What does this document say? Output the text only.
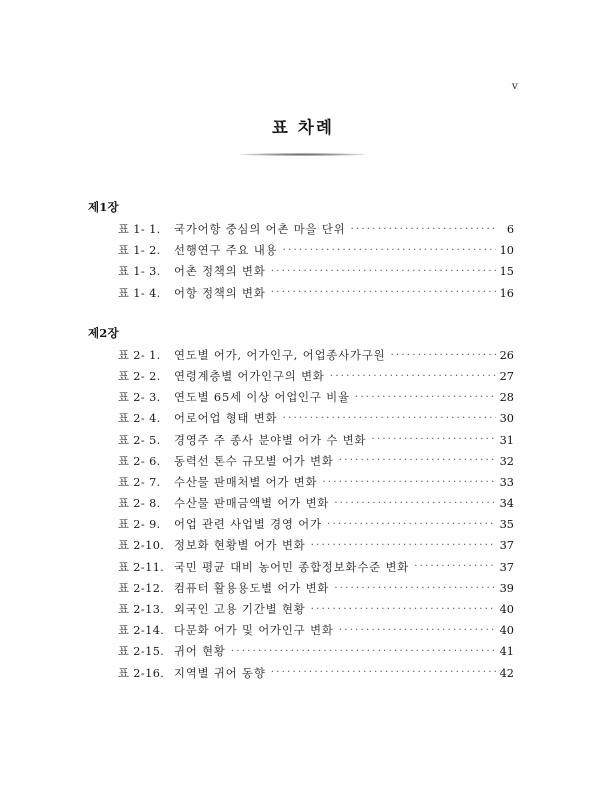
v
표 차례
제1장
표 1- 1.	국가어항 중심의 어촌 마을 단위 .....	6
표 1- 2.	선행연구 주요 내용 .....	10
표 1- 3.	어촌 정책의 변화 .....	15
표 1- 4.	어항 정책의 변화 .....	16
제2장
표 2- 1.	연도별 어가, 어가인구, 어업종사가구원 .....	26
표 2- 2.	연령계층별 어가인구의 변화 .....	27
표 2- 3.	연도별 65세 이상 어업인구 비율 .....	28
표 2- 4.	어로어업 형태 변화 .....	30
표 2- 5.	경영주 주 종사 분야별 어가 수 변화 .....	31
표 2- 6.	동력선 톤수 규모별 어가 변화 .....	32
표 2- 7.	수산물 판매처별 어가 변화 .....	33
표 2- 8.	수산물 판매금액별 어가 변화 .....	34
표 2- 9.	어업 관련 사업별 경영 어가 .....	35
표 2-10. 정보화 현황별 어가 변화 .....	37
표 2-11. 국민 평균 대비 농어민 종합정보화수준 변화 .....	37
표 2-12. 컴퓨터 활용용도별 어가 변화 .....	39
표 2-13. 외국인 고용 기간별 현황 .....	40
표 2-14. 다문화 어가 및 어가인구 변화 .....	40
표 2-15. 귀어 현황 .....	41
표 2-16. 지역별 귀어 동향 .....	42
